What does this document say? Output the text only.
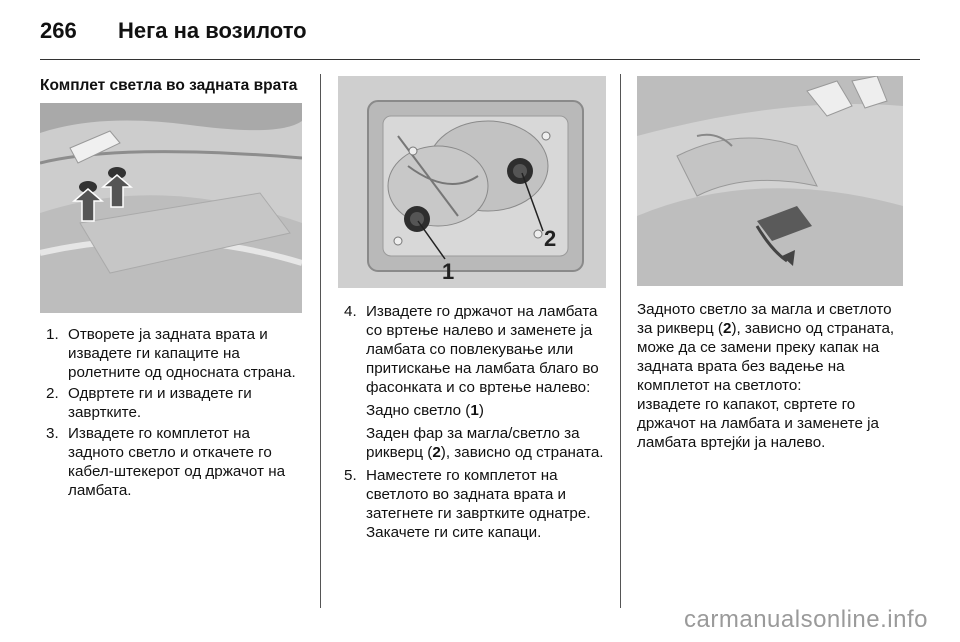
266 Нега на возилото
Комплет светла во задната врата
1. Отворете ја задната врата и извадете ги капаците на ролетните од односната страна.
2. Одвртете ги и извадете ги завртките.
3. Извадете го комплетот на задното светло и откачете го кабел-штекерот од држачот на ламбата.
1
2
4. Извадете го држачот на ламбата со вртење налево и заменете ја ламбата со повлекување или притискање на ламбата благо во фасонката и со вртење налево:
Задно светло (1)
Заден фар за магла/светло за рикверц (2), зависно од страната.
5. Наместете го комплетот на светлото во задната врата и затегнете ги завртките однатре. Закачете ги сите капаци.

Задното светло за магла и светлото за рикверц (2), зависно од страната, може да се замени преку капак на задната врата без вадење на комплетот на светлото:

извадете го капакот, свртете го држачот на ламбата и заменете ја ламбата вртејќи ја налево.

carmanualsonline.info
